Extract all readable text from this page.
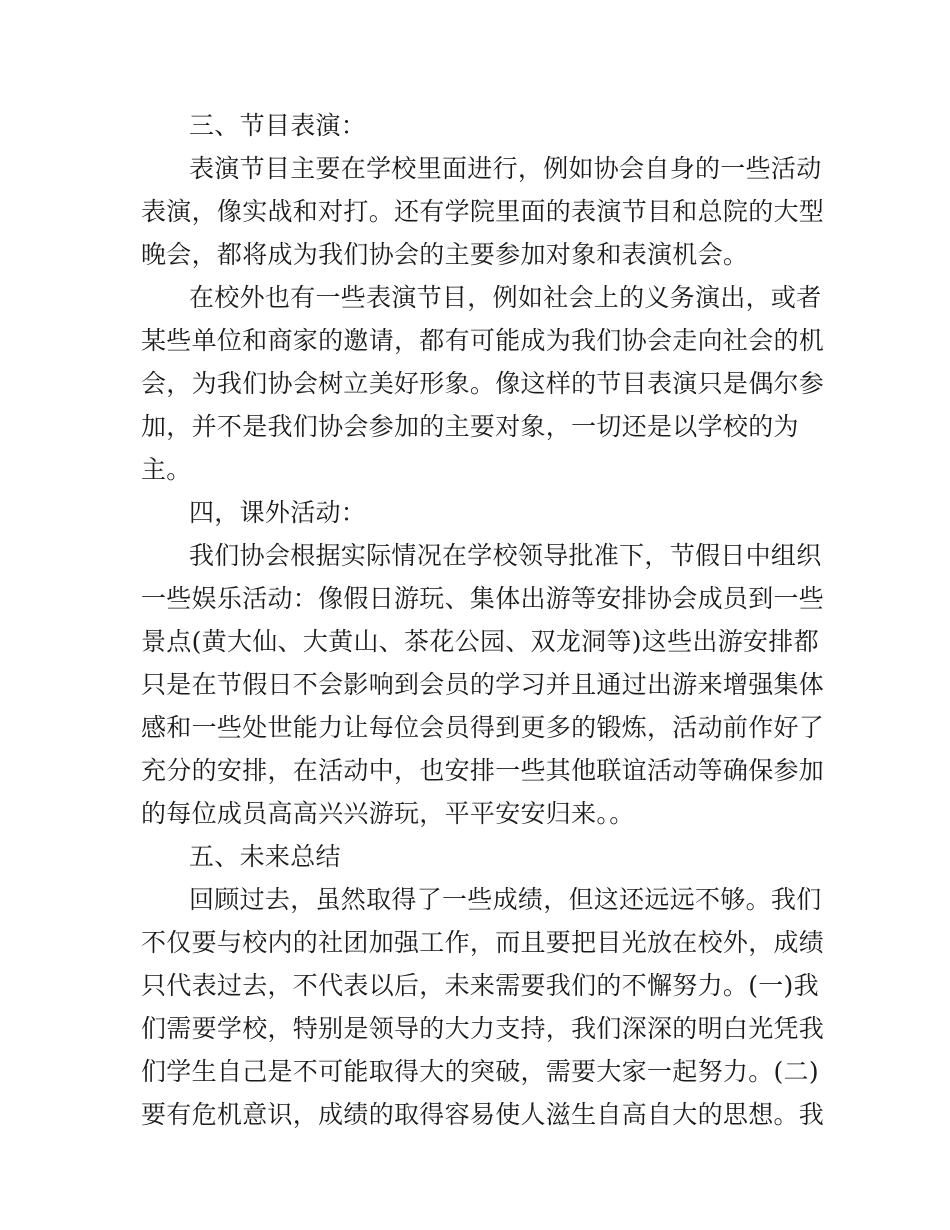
三、节目表演：
表演节目主要在学校里面进行，例如协会自身的一些活动
表演，像实战和对打。还有学院里面的表演节目和总院的大型
晚会，都将成为我们协会的主要参加对象和表演机会。
在校外也有一些表演节目，例如社会上的义务演出，或者
某些单位和商家的邀请，都有可能成为我们协会走向社会的机
会，为我们协会树立美好形象。像这样的节目表演只是偶尔参
加，并不是我们协会参加的主要对象，一切还是以学校的为
主。
四，课外活动：
我们协会根据实际情况在学校领导批准下，节假日中组织
一些娱乐活动：像假日游玩、集体出游等安排协会成员到一些
景点(黄大仙、大黄山、茶花公园、双龙洞等)这些出游安排都
只是在节假日不会影响到会员的学习并且通过出游来增强集体
感和一些处世能力让每位会员得到更多的锻炼，活动前作好了
充分的安排，在活动中，也安排一些其他联谊活动等确保参加
的每位成员高高兴兴游玩，平平安安归来。。
五、未来总结
回顾过去，虽然取得了一些成绩，但这还远远不够。我们
不仅要与校内的社团加强工作，而且要把目光放在校外，成绩
只代表过去，不代表以后，未来需要我们的不懈努力。(一)我
们需要学校，特别是领导的大力支持，我们深深的明白光凭我
们学生自己是不可能取得大的突破，需要大家一起努力。(二)
要有危机意识，成绩的取得容易使人滋生自高自大的思想。我
